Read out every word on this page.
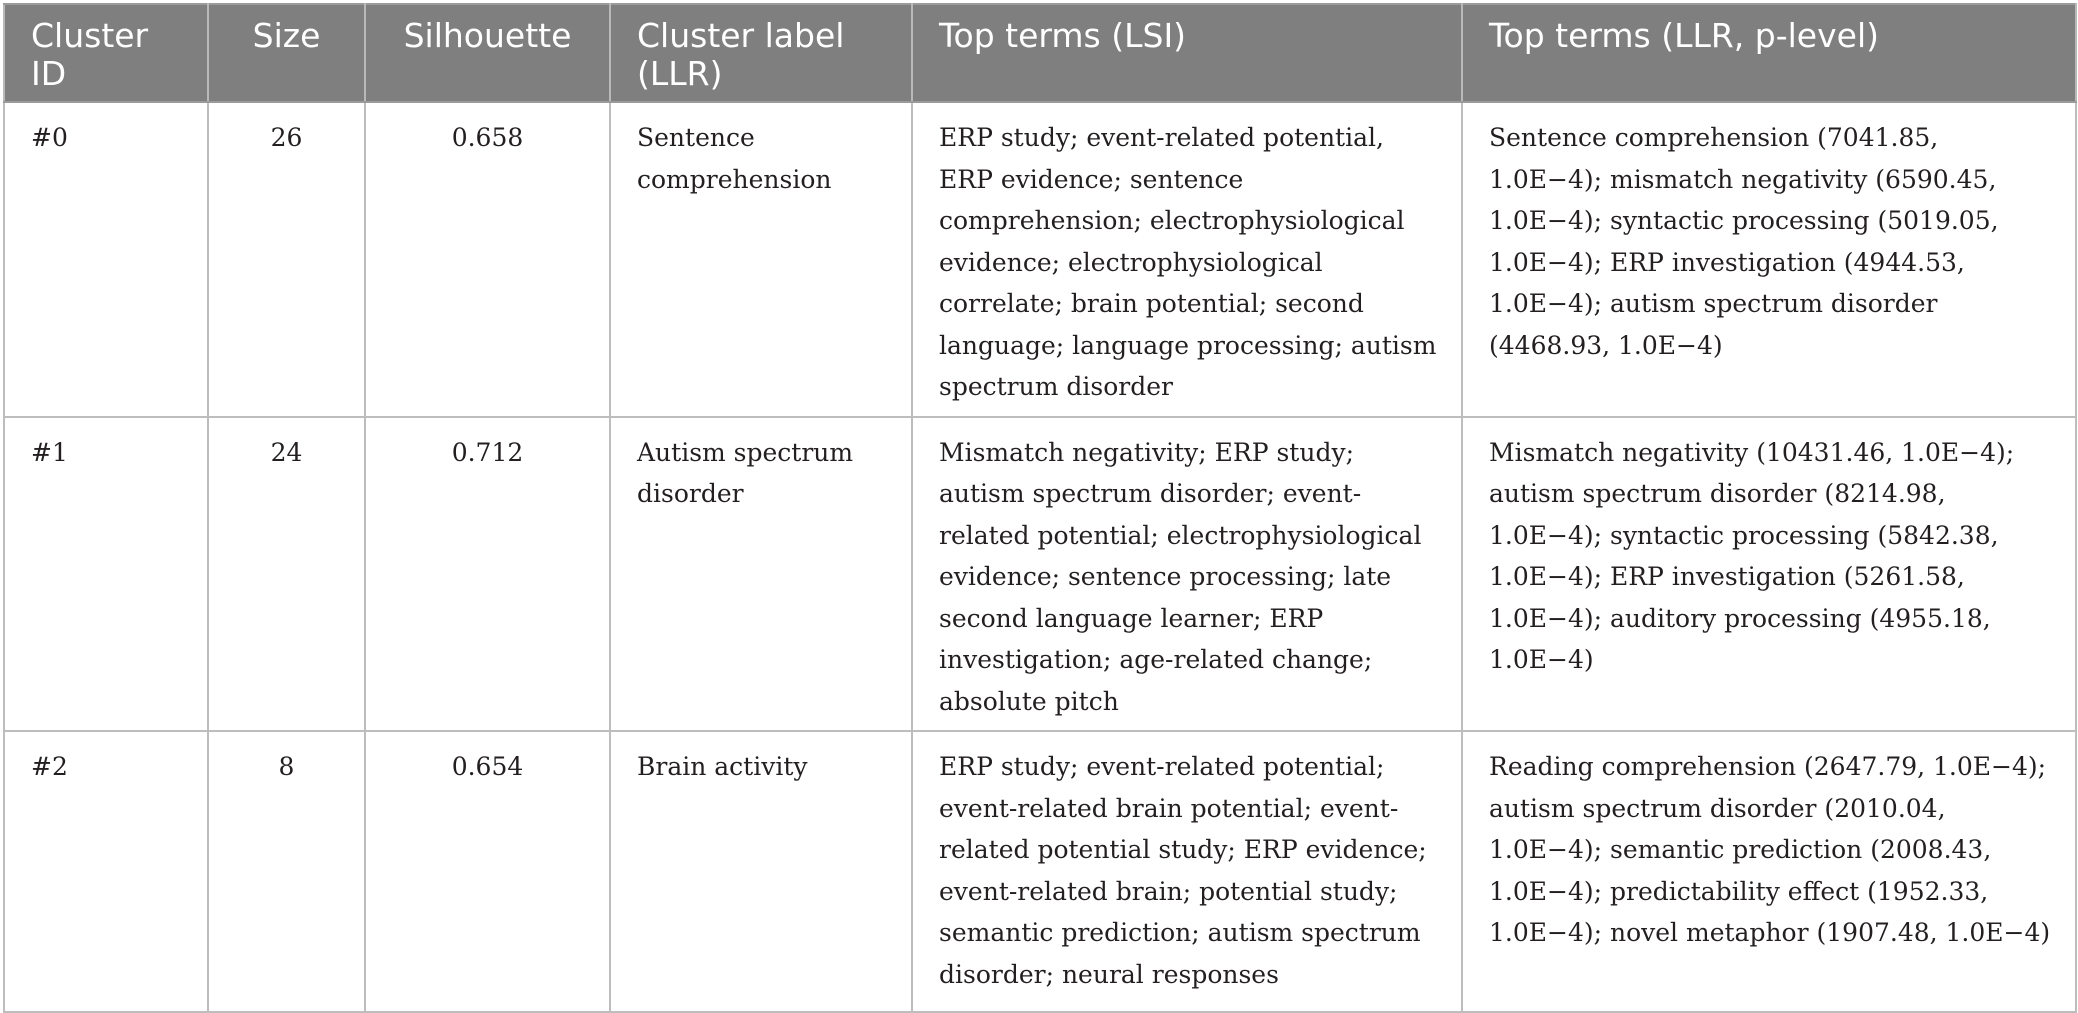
Cluster ID	Size	Silhouette	Cluster label (LLR)	Top terms (LSI)	Top terms (LLR, p-level)
#0	26	0.658	Sentence comprehension	ERP study; event-related potential, ERP evidence; sentence comprehension; electrophysiological evidence; electrophysiological correlate; brain potential; second language; language processing; autism spectrum disorder	Sentence comprehension (7041.85, 1.0E−4); mismatch negativity (6590.45, 1.0E−4); syntactic processing (5019.05, 1.0E−4); ERP investigation (4944.53, 1.0E−4); autism spectrum disorder (4468.93, 1.0E−4)
#1	24	0.712	Autism spectrum disorder	Mismatch negativity; ERP study; autism spectrum disorder; event-related potential; electrophysiological evidence; sentence processing; late second language learner; ERP investigation; age-related change; absolute pitch	Mismatch negativity (10431.46, 1.0E−4); autism spectrum disorder (8214.98, 1.0E−4); syntactic processing (5842.38, 1.0E−4); ERP investigation (5261.58, 1.0E−4); auditory processing (4955.18, 1.0E−4)
#2	8	0.654	Brain activity	ERP study; event-related potential; event-related brain potential; event-related potential study; ERP evidence; event-related brain; potential study; semantic prediction; autism spectrum disorder; neural responses	Reading comprehension (2647.79, 1.0E−4); autism spectrum disorder (2010.04, 1.0E−4); semantic prediction (2008.43, 1.0E−4); predictability effect (1952.33, 1.0E−4); novel metaphor (1907.48, 1.0E−4)
